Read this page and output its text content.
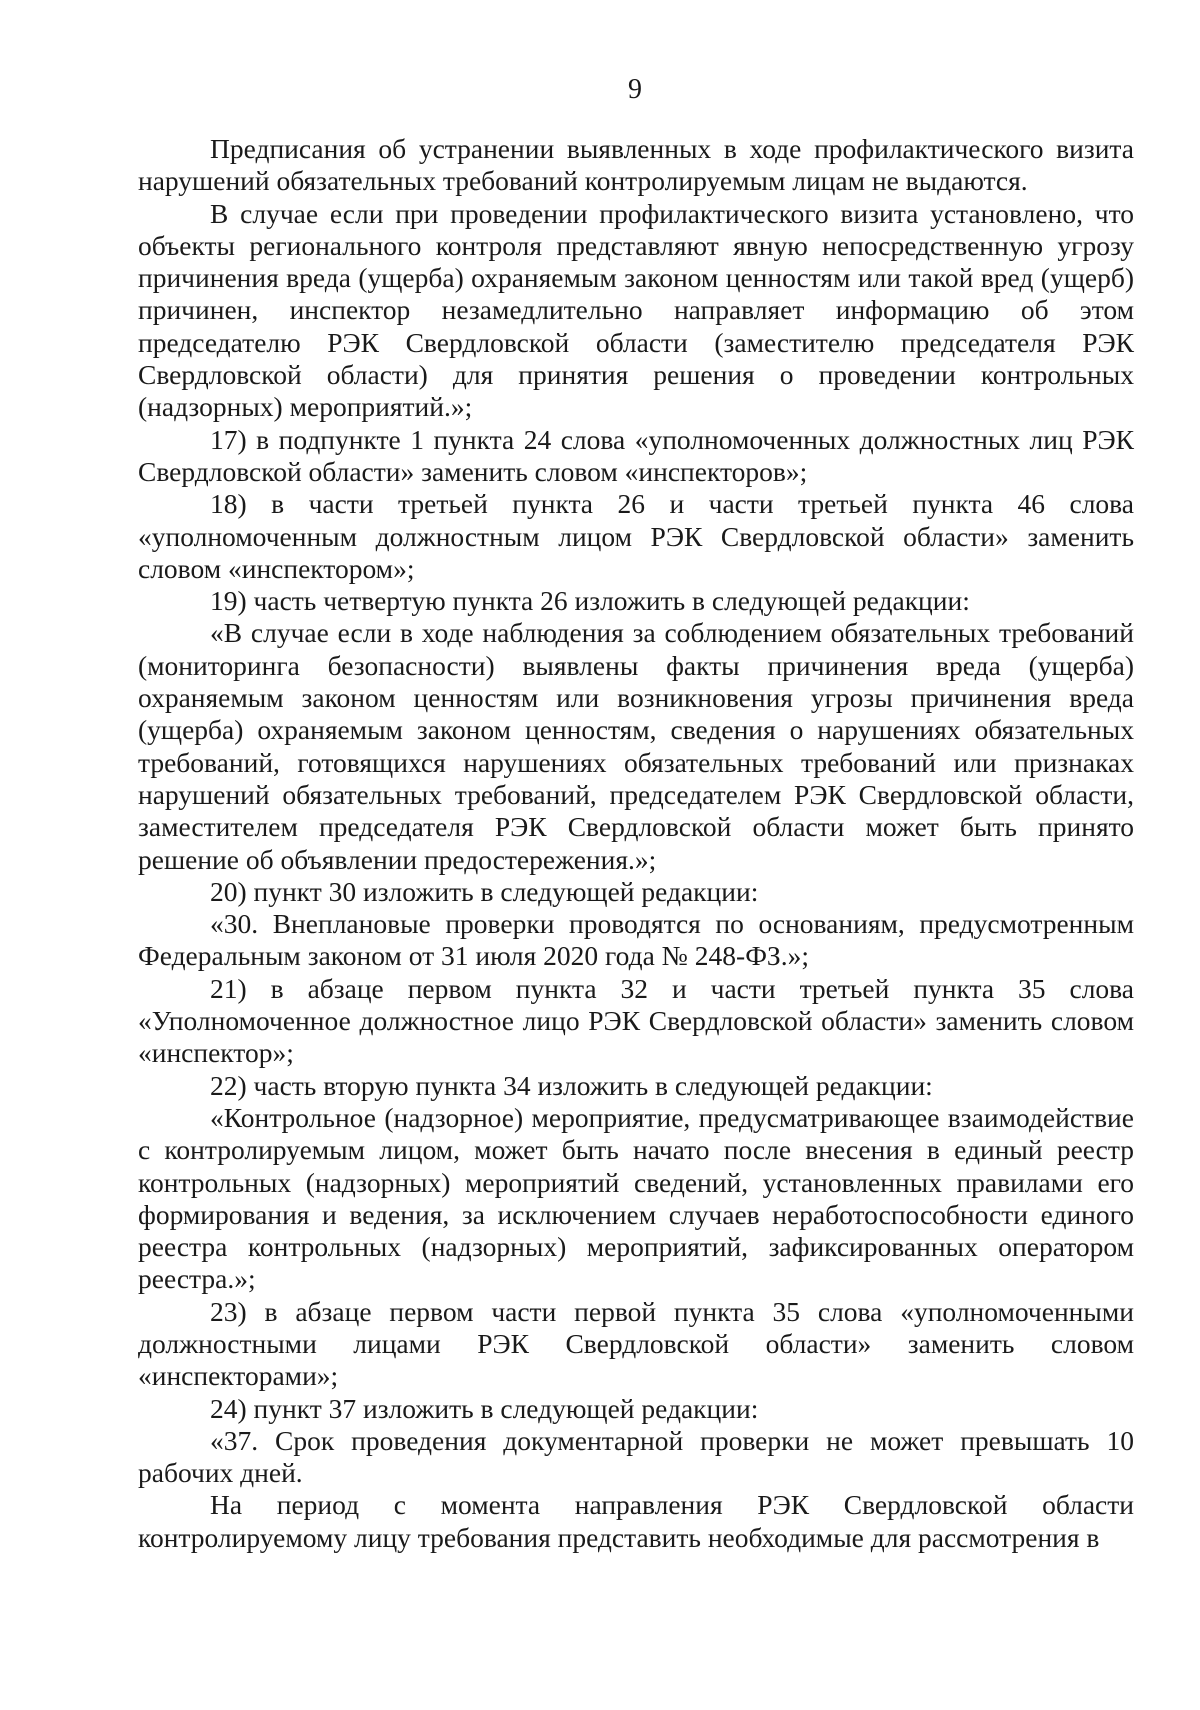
9

Предписания об устранении выявленных в ходе профилактического визита нарушений обязательных требований контролируемым лицам не выдаются.

В случае если при проведении профилактического визита установлено, что объекты регионального контроля представляют явную непосредственную угрозу причинения вреда (ущерба) охраняемым законом ценностям или такой вред (ущерб) причинен, инспектор незамедлительно направляет информацию об этом председателю РЭК Свердловской области (заместителю председателя РЭК Свердловской области) для принятия решения о проведении контрольных (надзорных) мероприятий.»;

17) в подпункте 1 пункта 24 слова «уполномоченных должностных лиц РЭК Свердловской области» заменить словом «инспекторов»;

18) в части третьей пункта 26 и части третьей пункта 46 слова «уполномоченным должностным лицом РЭК Свердловской области» заменить словом «инспектором»;

19) часть четвертую пункта 26 изложить в следующей редакции:

«В случае если в ходе наблюдения за соблюдением обязательных требований (мониторинга безопасности) выявлены факты причинения вреда (ущерба) охраняемым законом ценностям или возникновения угрозы причинения вреда (ущерба) охраняемым законом ценностям, сведения о нарушениях обязательных требований, готовящихся нарушениях обязательных требований или признаках нарушений обязательных требований, председателем РЭК Свердловской области, заместителем председателя РЭК Свердловской области может быть принято решение об объявлении предостережения.»;

20) пункт 30 изложить в следующей редакции:

«30. Внеплановые проверки проводятся по основаниям, предусмотренным Федеральным законом от 31 июля 2020 года № 248-ФЗ.»;

21) в абзаце первом пункта 32 и части третьей пункта 35 слова «Уполномоченное должностное лицо РЭК Свердловской области» заменить словом «инспектор»;

22) часть вторую пункта 34 изложить в следующей редакции:

«Контрольное (надзорное) мероприятие, предусматривающее взаимодействие с контролируемым лицом, может быть начато после внесения в единый реестр контрольных (надзорных) мероприятий сведений, установленных правилами его формирования и ведения, за исключением случаев неработоспособности единого реестра контрольных (надзорных) мероприятий, зафиксированных оператором реестра.»;

23) в абзаце первом части первой пункта 35 слова «уполномоченными должностными лицами РЭК Свердловской области» заменить словом «инспекторами»;

24) пункт 37 изложить в следующей редакции:

«37. Срок проведения документарной проверки не может превышать 10 рабочих дней.

На период с момента направления РЭК Свердловской области контролируемому лицу требования представить необходимые для рассмотрения в
